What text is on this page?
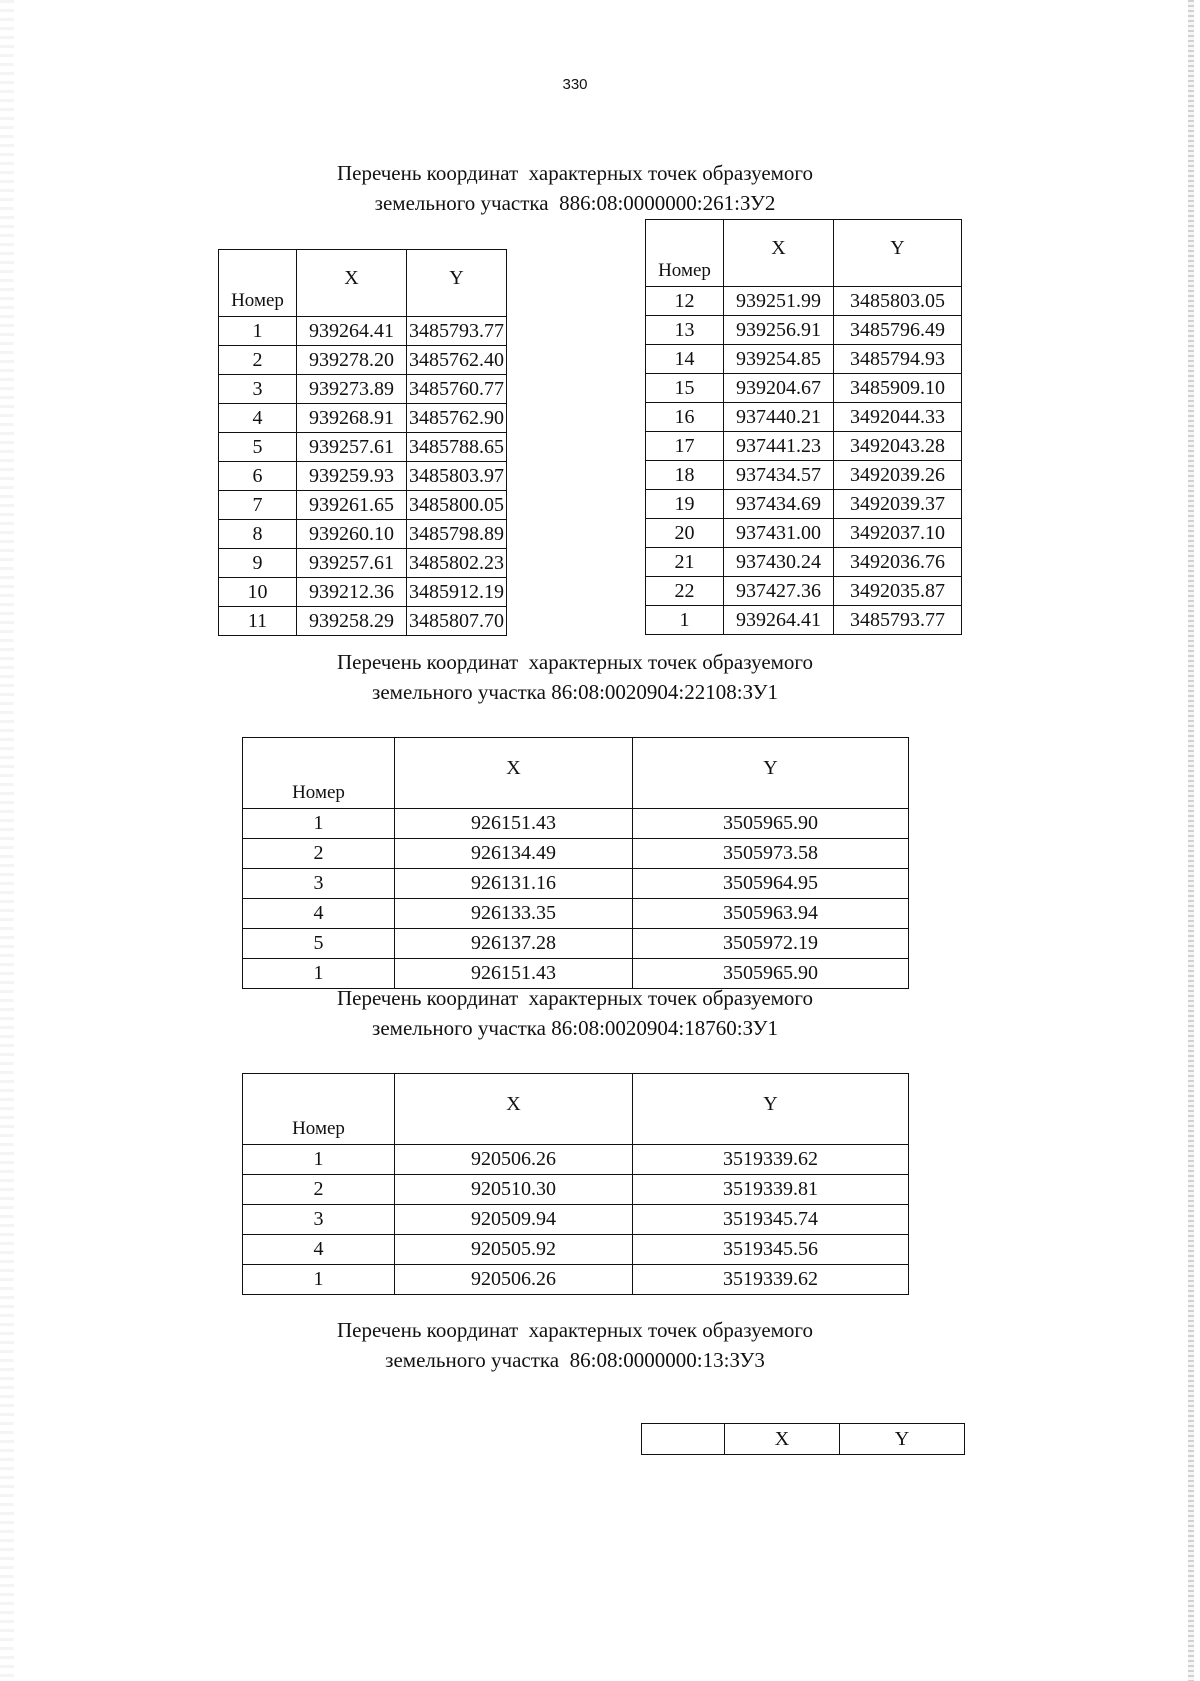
330
Перечень координат  характерных точек образуемого
земельного участка  886:08:0000000:261:ЗУ2
Номер	X	Y
1	939264.41	3485793.77
2	939278.20	3485762.40
3	939273.89	3485760.77
4	939268.91	3485762.90
5	939257.61	3485788.65
6	939259.93	3485803.97
7	939261.65	3485800.05
8	939260.10	3485798.89
9	939257.61	3485802.23
10	939212.36	3485912.19
11	939258.29	3485807.70
Номер	X	Y
12	939251.99	3485803.05
13	939256.91	3485796.49
14	939254.85	3485794.93
15	939204.67	3485909.10
16	937440.21	3492044.33
17	937441.23	3492043.28
18	937434.57	3492039.26
19	937434.69	3492039.37
20	937431.00	3492037.10
21	937430.24	3492036.76
22	937427.36	3492035.87
1	939264.41	3485793.77
Перечень координат  характерных точек образуемого
земельного участка 86:08:0020904:22108:ЗУ1
Номер	X	Y
1	926151.43	3505965.90
2	926134.49	3505973.58
3	926131.16	3505964.95
4	926133.35	3505963.94
5	926137.28	3505972.19
1	926151.43	3505965.90
Перечень координат  характерных точек образуемого
земельного участка 86:08:0020904:18760:ЗУ1
Номер	X	Y
1	920506.26	3519339.62
2	920510.30	3519339.81
3	920509.94	3519345.74
4	920505.92	3519345.56
1	920506.26	3519339.62
Перечень координат  характерных точек образуемого
земельного участка  86:08:0000000:13:ЗУ3
	X	Y
